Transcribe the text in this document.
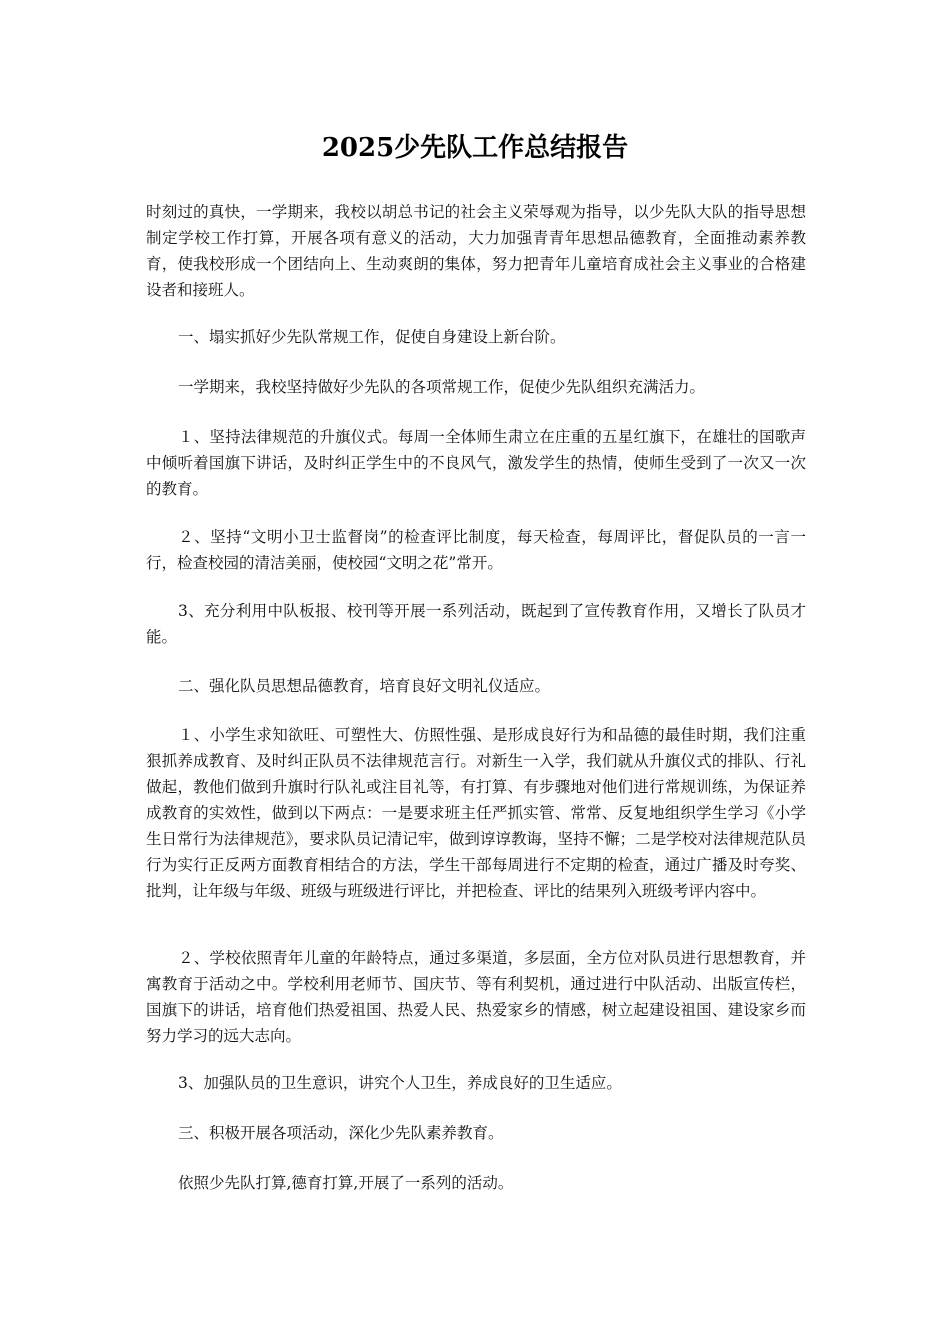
2025少先队工作总结报告

时刻过的真快，一学期来，我校以胡总书记的社会主义荣辱观为指导，以少先队大队的指导思想制定学校工作打算，开展各项有意义的活动，大力加强青青年思想品德教育，全面推动素养教育，使我校形成一个团结向上、生动爽朗的集体，努力把青年儿童培育成社会主义事业的合格建设者和接班人。

一、塌实抓好少先队常规工作，促使自身建设上新台阶。

一学期来，我校坚持做好少先队的各项常规工作，促使少先队组织充满活力。

１、坚持法律规范的升旗仪式。每周一全体师生肃立在庄重的五星红旗下，在雄壮的国歌声中倾听着国旗下讲话，及时纠正学生中的不良风气，激发学生的热情，使师生受到了一次又一次的教育。

２、坚持“文明小卫士监督岗”的检查评比制度，每天检查，每周评比，督促队员的一言一行，检查校园的清洁美丽，使校园“文明之花”常开。

3、充分利用中队板报、校刊等开展一系列活动，既起到了宣传教育作用，又增长了队员才能。

二、强化队员思想品德教育，培育良好文明礼仪适应。

１、小学生求知欲旺、可塑性大、仿照性强、是形成良好行为和品德的最佳时期，我们注重狠抓养成教育、及时纠正队员不法律规范言行。对新生一入学，我们就从升旗仪式的排队、行礼做起，教他们做到升旗时行队礼或注目礼等，有打算、有步骤地对他们进行常规训练，为保证养成教育的实效性，做到以下两点：一是要求班主任严抓实管、常常、反复地组织学生学习《小学生日常行为法律规范》，要求队员记清记牢，做到谆谆教诲，坚持不懈；二是学校对法律规范队员行为实行正反两方面教育相结合的方法，学生干部每周进行不定期的检查，通过广播及时夸奖、批判，让年级与年级、班级与班级进行评比，并把检查、评比的结果列入班级考评内容中。

２、学校依照青年儿童的年龄特点，通过多渠道，多层面，全方位对队员进行思想教育，并寓教育于活动之中。学校利用老师节、国庆节、等有利契机，通过进行中队活动、出版宣传栏，国旗下的讲话，培育他们热爱祖国、热爱人民、热爱家乡的情感，树立起建设祖国、建设家乡而努力学习的远大志向。

3、加强队员的卫生意识，讲究个人卫生，养成良好的卫生适应。

三、积极开展各项活动，深化少先队素养教育。

依照少先队打算,德育打算,开展了一系列的活动。
